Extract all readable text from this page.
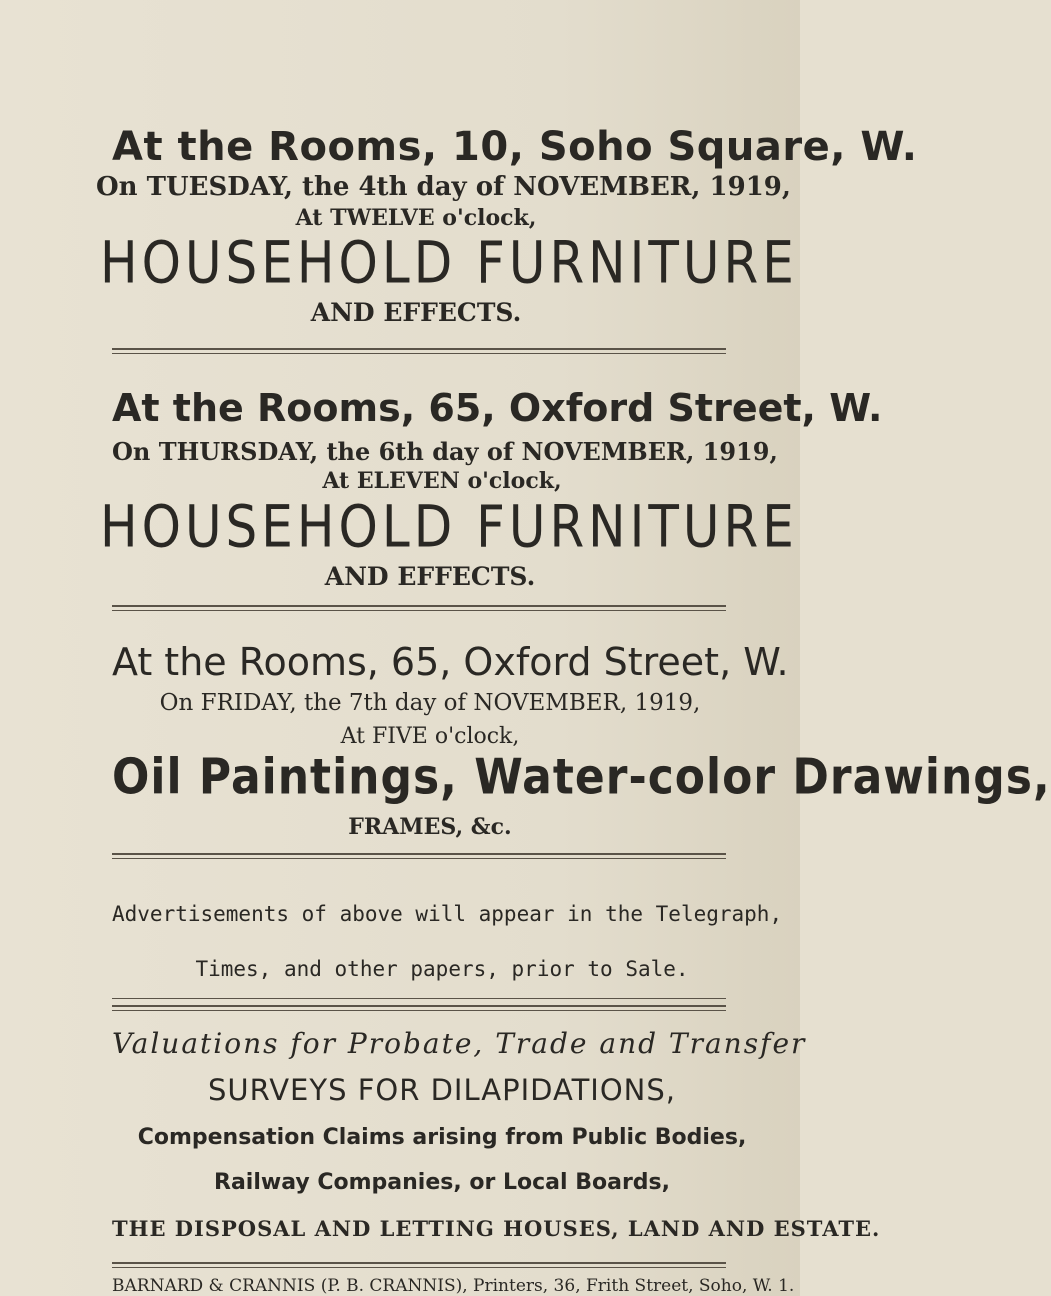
At the Rooms, 10, Soho Square, W.
On TUESDAY, the 4th day of NOVEMBER, 1919,
At TWELVE o'clock,
HOUSEHOLD FURNITURE
AND EFFECTS.
At the Rooms, 65, Oxford Street, W.
On THURSDAY, the 6th day of NOVEMBER, 1919,
At ELEVEN o'clock,
HOUSEHOLD FURNITURE
AND EFFECTS.
At the Rooms, 65, Oxford Street, W.
On FRIDAY, the 7th day of NOVEMBER, 1919,
At FIVE o'clock,
Oil Paintings, Water-color Drawings,
FRAMES, &c.
Advertisements of above will appear in the Telegraph,
Times, and other papers, prior to Sale.
Valuations for Probate, Trade and Transfer
SURVEYS FOR DILAPIDATIONS,
Compensation Claims arising from Public Bodies,
Railway Companies, or Local Boards,
THE DISPOSAL AND LETTING HOUSES, LAND AND ESTATE.
BARNARD & CRANNIS (P. B. CRANNIS), Printers, 36, Frith Street, Soho, W. 1.
